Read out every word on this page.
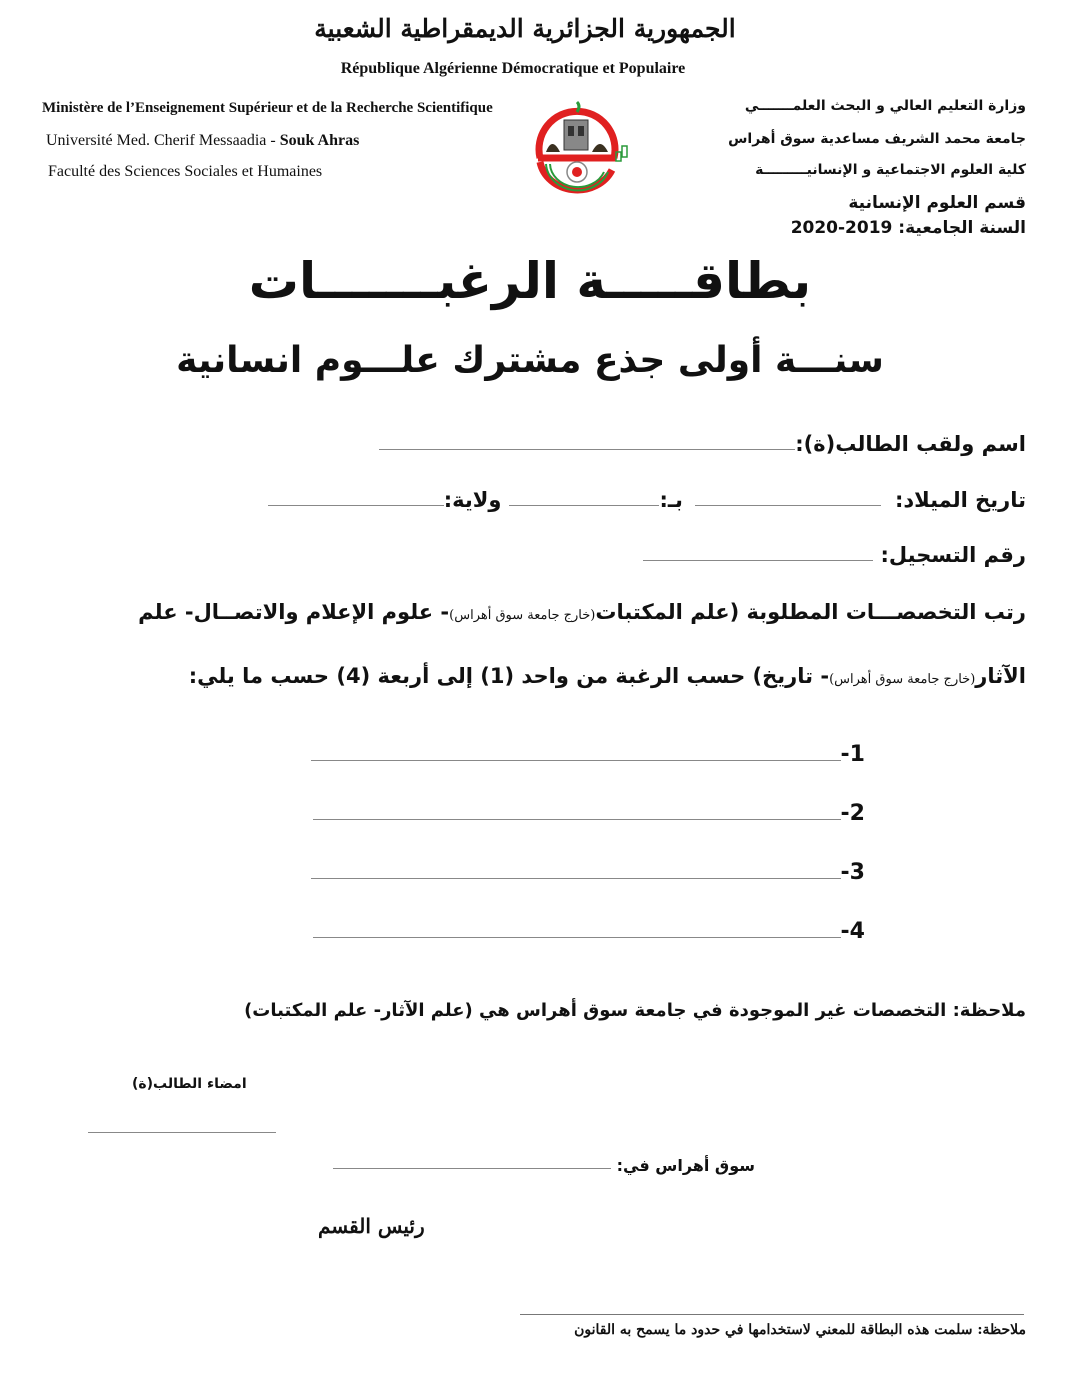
الجمهورية الجزائرية الديمقراطية الشعبية
République Algérienne Démocratique et Populaire
Ministère de l’Enseignement Supérieur et de la Recherche Scientifique
Université Med. Cherif Messaadia - Souk Ahras
Faculté des Sciences Sociales et Humaines
وزارة التعليم العالي و البحث العلمـــــــي
جامعة محمد الشريف مساعدية سوق أهراس
كلية العلوم الاجتماعية و الإنسانيـــــــــة
قسم العلوم الإنسانية
السنة الجامعية: 2020-2019
بطاقـــــة الرغبـــــــات
سنـــة أولى جذع مشترك علـــوم انسانية
اسم ولقب الطالب(ة):
تاريخ الميلاد:
بـ:
ولاية:
رقم التسجيل:
رتب التخصصـــات المطلوبة (علم المكتبات(خارج جامعة سوق أهراس)- علوم الإعلام والاتصــال- علم الآثار(خارج جامعة سوق أهراس)- تاريخ) حسب الرغبة من واحد (1) إلى أربعة (4) حسب ما يلي:
-1
-2
-3
-4
ملاحظة: التخصصات غير الموجودة في جامعة سوق أهراس هي (علم الآثار- علم المكتبات)
امضاء الطالب(ة)
سوق أهراس في:
رئيس القسم
ملاحظة: سلمت هذه البطاقة للمعني لاستخدامها في حدود ما يسمح به القانون
